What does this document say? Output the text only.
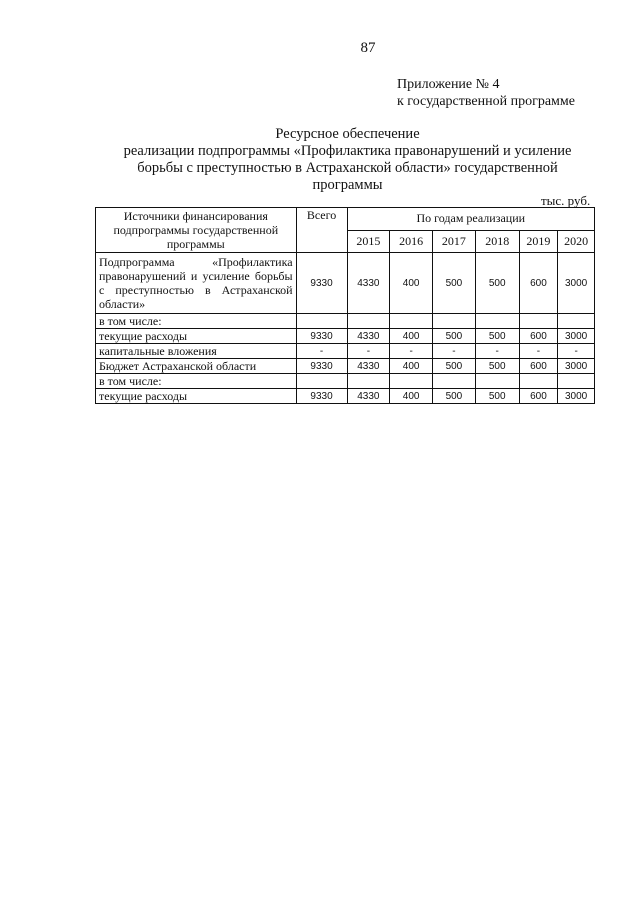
87
Приложение № 4
к государственной программе
Ресурсное обеспечение
реализации подпрограммы «Профилактика правонарушений и усиление
борьбы с преступностью в Астраханской области» государственной
программы
тыс. руб.
Источники финансирования подпрограммы государственной программы	Всего	По годам реализации					
		2015	2016	2017	2018	2019	2020
Подпрограмма «Профилактика правонарушений и усиление борьбы с преступностью в Астраханской области»	9330	4330	400	500	500	600	3000
в том числе:							
текущие расходы	9330	4330	400	500	500	600	3000
капитальные вложения	-	-	-	-	-	-	-
Бюджет Астраханской области	9330	4330	400	500	500	600	3000
в том числе:							
текущие расходы	9330	4330	400	500	500	600	3000
